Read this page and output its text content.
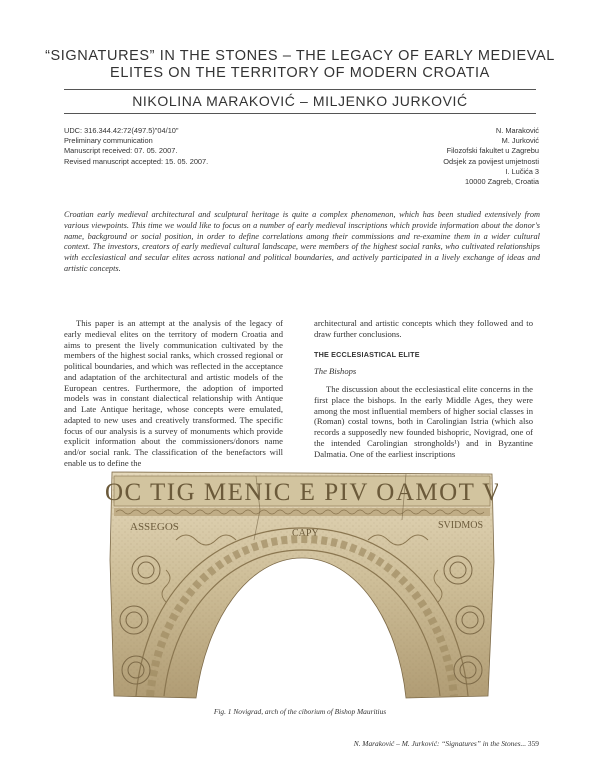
“SIGNATURES” IN THE STONES – THE LEGACY OF EARLY MEDIEVAL
ELITES ON THE TERRITORY OF MODERN CROATIA
NIKOLINA MARAKOVIĆ – MILJENKO JURKOVIĆ
UDC: 316.344.42:72(497.5)"04/10"
Preliminary communication
Manuscript received: 07. 05. 2007.
Revised manuscript accepted: 15. 05. 2007.
N. Maraković
M. Jurković
Filozofski fakultet u Zagrebu
Odsjek za povijest umjetnosti
I. Lučića 3
10000 Zagreb, Croatia
Croatian early medieval architectural and sculptural heritage is quite a complex phenomenon, which has been studied extensively from various viewpoints. This time we would like to focus on a number of early medieval inscriptions which provide information about the donor's name, background or social position, in order to define correlations among their commissions and re-examine them in a wider cultural context. The investors, creators of early medieval cultural landscape, were members of the highest social ranks, who cultivated relationships with ecclesiastical and secular elites across national and political boundaries, and actively participated in a lively exchange of ideas and artistic concepts.

This paper is an attempt at the analysis of the legacy of early medieval elites on the territory of modern Croatia and aims to present the lively communication cultivated by the members of the highest social ranks, which crossed regional or political boundaries, and which was reflected in the acceptance and adaptation of the architectural and artistic models of the European centres. Furthermore, the adoption of imported models was in constant dialectical relationship with Antique and Late Antique heritage, whose concepts were emulated, adapted to new uses and creatively transformed. The specific focus of our analysis is a survey of monuments which provide explicit information about the commissioners/donors name and/or social rank. The classification of the benefactors will enable us to define the

architectural and artistic concepts which they followed and to draw further conclusions.

THE ECCLESIASTICAL ELITE
The Bishops

The discussion about the ecclesiastical elite concerns in the first place the bishops. In the early Middle Ages, they were among the most influential members of higher social classes in (Roman) costal towns, both in Carolingian Istria (which also records a supposedly new founded bishopric, Novigrad, one of the intended Carolingian strongholds¹) and in Byzantine Dalmatia. One of the earliest inscriptions

HOC TIG MENIC E PIV OAMOT VE
ASSEGOS	SVIDMOS
CAPY
Fig. 1 Novigrad, arch of the ciborium of Bishop Mauritius
N. Maraković – M. Jurković: “Signatures” in the Stones... 359
